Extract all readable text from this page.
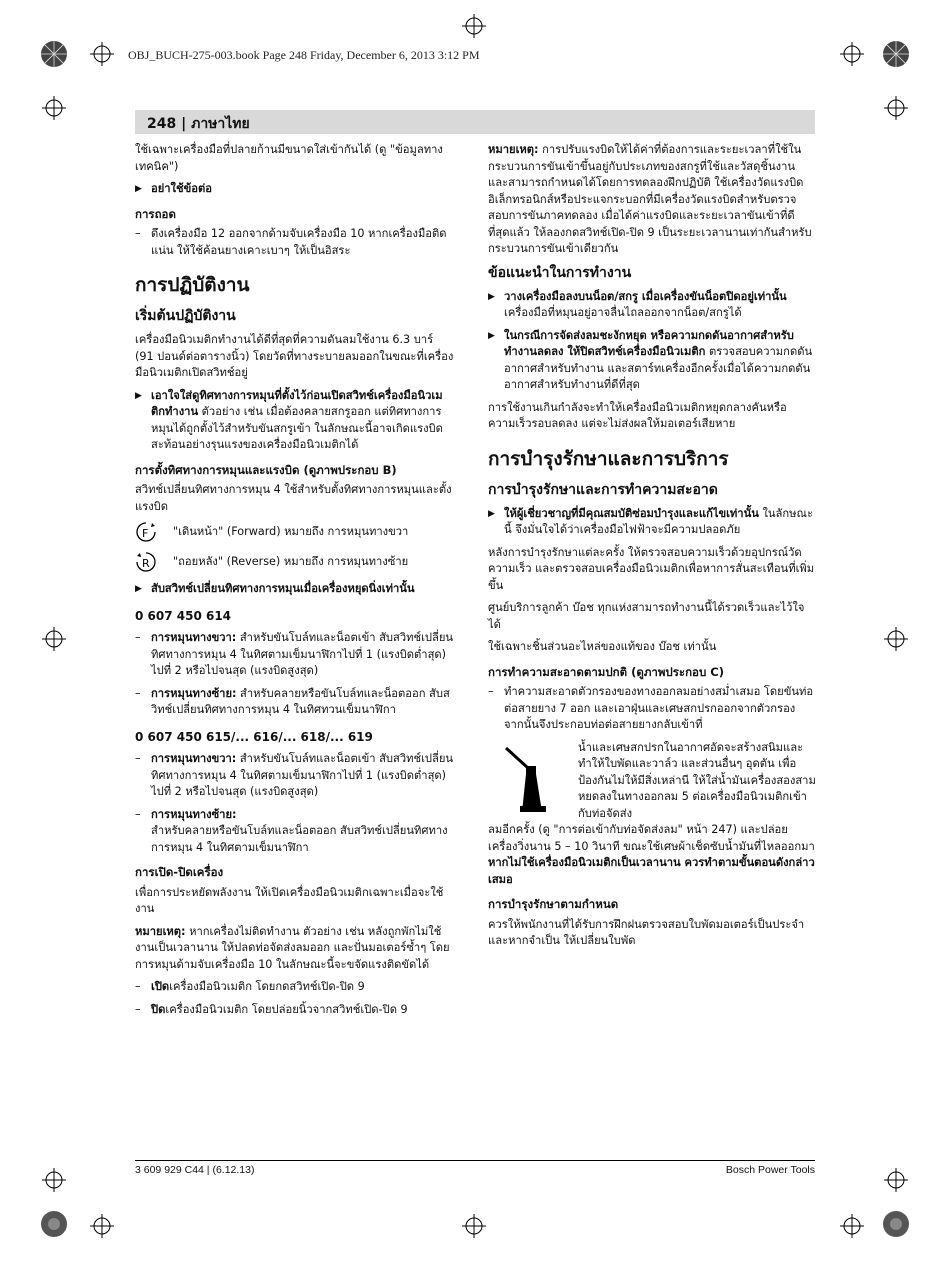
OBJ_BUCH-275-003.book Page 248 Friday, December 6, 2013 3:12 PM
248 | ภาษาไทย

ใช้เฉพาะเครื่องมือที่ปลายก้านมีขนาดใส่เข้ากันได้ (ดู "ข้อมูลทางเทคนิค")

▶ อย่าใช้ข้อต่อ

การถอด

– ดึงเครื่องมือ 12 ออกจากด้ามจับเครื่องมือ 10 หากเครื่องมือติดแน่น ให้ใช้ค้อนยางเคาะเบาๆ ให้เป็นอิสระ

การปฏิบัติงาน
เริ่มต้นปฏิบัติงาน

เครื่องมือนิวเมติกทำงานได้ดีที่สุดที่ความดันลมใช้งาน 6.3 บาร์ (91 ปอนด์ต่อตารางนิ้ว) โดยวัดที่ทางระบายลมออกในขณะที่เครื่องมือนิวเมติกเปิดสวิทช์อยู่

▶ เอาใจใส่ดูทิศทางการหมุนที่ตั้งไว้ก่อนเปิดสวิทช์เครื่องมือนิวเมติกทำงาน ตัวอย่าง เช่น เมื่อต้องคลายสกรูออก แต่ทิศทางการหมุนได้ถูกตั้งไว้สำหรับขันสกรูเข้า ในลักษณะนี้อาจเกิดแรงบิดสะท้อนอย่างรุนแรงของเครื่องมือนิวเมติกได้

การตั้งทิศทางการหมุนและแรงบิด (ดูภาพประกอบ B)

สวิทช์เปลี่ยนทิศทางการหมุน 4 ใช้สำหรับตั้งทิศทางการหมุนและตั้งแรงบิด

F "เดินหน้า" (Forward) หมายถึง การหมุนทางขวา
R "ถอยหลัง" (Reverse) หมายถึง การหมุนทางซ้าย

▶ สับสวิทช์เปลี่ยนทิศทางการหมุนเมื่อเครื่องหยุดนิ่งเท่านั้น

0 607 450 614

– การหมุนทางขวา: สำหรับขันโบล์ทและน็อตเข้า สับสวิทช์เปลี่ยนทิศทางการหมุน 4 ในทิศตามเข็มนาฬิกาไปที่ 1 (แรงบิดต่ำสุด) ไปที่ 2 หรือไปจนสุด (แรงบิดสูงสุด)

– การหมุนทางซ้าย: สำหรับคลายหรือขันโบล์ทและน็อตออก สับสวิทช์เปลี่ยนทิศทางการหมุน 4 ในทิศทวนเข็มนาฬิกา

0 607 450 615/... 616/... 618/... 619

– การหมุนทางขวา: สำหรับขันโบล์ทและน็อตเข้า สับสวิทช์เปลี่ยนทิศทางการหมุน 4 ในทิศตามเข็มนาฬิกาไปที่ 1 (แรงบิดต่ำสุด) ไปที่ 2 หรือไปจนสุด (แรงบิดสูงสุด)

– การหมุนทางซ้าย:
สำหรับคลายหรือขันโบล์ทและน็อตออก สับสวิทช์เปลี่ยนทิศทางการหมุน 4 ในทิศตามเข็มนาฬิกา

การเปิด-ปิดเครื่อง

เพื่อการประหยัดพลังงาน ให้เปิดเครื่องมือนิวเมติกเฉพาะเมื่อจะใช้งาน

หมายเหตุ: หากเครื่องไม่ติดทำงาน ตัวอย่าง เช่น หลังถูกพักไม่ใช้งานเป็นเวลานาน ให้ปลดท่อจัดส่งลมออก และปั่นมอเตอร์ซ้ำๆ โดยการหมุนด้ามจับเครื่องมือ 10 ในลักษณะนี้จะขจัดแรงติดขัดได้

– เปิดเครื่องมือนิวเมติก โดยกดสวิทช์เปิด-ปิด 9

– ปิดเครื่องมือนิวเมติก โดยปล่อยนิ้วจากสวิทช์เปิด-ปิด 9

หมายเหตุ: การปรับแรงบิดให้ได้ค่าที่ต้องการและระยะเวลาที่ใช้ในกระบวนการขันเข้าขึ้นอยู่กับประเภทของสกรูที่ใช้และวัสดุชิ้นงาน และสามารถกำหนดได้โดยการทดลองฝึกปฏิบัติ ใช้เครื่องวัดแรงบิดอิเล็กทรอนิกส์หรือประแจกระบอกที่มีเครื่องวัดแรงบิดสำหรับตรวจสอบการขันภาคทดลอง เมื่อได้ค่าแรงบิดและระยะเวลาขันเข้าที่ดีที่สุดแล้ว ให้ลองกดสวิทช์เปิด-ปิด 9 เป็นระยะเวลานานเท่ากันสำหรับกระบวนการขันเข้าเดียวกัน

ข้อแนะนำในการทำงาน

▶ วางเครื่องมือลงบนน็อต/สกรู เมื่อเครื่องขันน็อตปิดอยู่เท่านั้น เครื่องมือที่หมุนอยู่อาจลื่นไถลออกจากน็อต/สกรูได้

▶ ในกรณีการจัดส่งลมชะงักหยุด หรือความกดดันอากาศสำหรับทำงานลดลง ให้ปิดสวิทช์เครื่องมือนิวเมติก ตรวจสอบความกดดันอากาศสำหรับทำงาน และสตาร์ทเครื่องอีกครั้งเมื่อได้ความกดดันอากาศสำหรับทำงานที่ดีที่สุด

การใช้งานเกินกำลังจะทำให้เครื่องมือนิวเมติกหยุดกลางคันหรือความเร็วรอบลดลง แต่จะไม่ส่งผลให้มอเตอร์เสียหาย

การบำรุงรักษาและการบริการ
การบำรุงรักษาและการทำความสะอาด

▶ ให้ผู้เชี่ยวชาญที่มีคุณสมบัติซ่อมบำรุงและแก้ไขเท่านั้น ในลักษณะนี้ จึงมั่นใจได้ว่าเครื่องมือไฟฟ้าจะมีความปลอดภัย

หลังการบำรุงรักษาแต่ละครั้ง ให้ตรวจสอบความเร็วด้วยอุปกรณ์วัดความเร็ว และตรวจสอบเครื่องมือนิวเมติกเพื่อหาการสั่นสะเทือนที่เพิ่มขึ้น

ศูนย์บริการลูกค้า บ๊อช ทุกแห่งสามารถทำงานนี้ได้รวดเร็วและไว้ใจได้

ใช้เฉพาะชิ้นส่วนอะไหล่ของแท้ของ บ๊อช เท่านั้น

การทำความสะอาดตามปกติ (ดูภาพประกอบ C)

– ทำความสะอาดตัวกรองของทางออกลมอย่างสม่ำเสมอ โดยขันท่อต่อสายยาง 7 ออก และเอาฝุ่นและเศษสกปรกออกจากตัวกรอง จากนั้นจึงประกอบท่อต่อสายยางกลับเข้าที่

น้ำและเศษสกปรกในอากาศอัดจะสร้างสนิมและทำให้ใบพัดและวาล์ว และส่วนอื่นๆ อุดตัน เพื่อป้องกันไม่ให้มีสิ่งเหล่านี ให้ใส่น้ำมันเครื่องสองสามหยดลงในทางออกลม 5 ต่อเครื่องมือนิวเมติกเข้ากับท่อจัดส่ง

ลมอีกครั้ง (ดู "การต่อเข้ากับท่อจัดส่งลม" หน้า 247) และปล่อยเครื่องวิ่งนาน 5 – 10 วินาที ขณะใช้เศษผ้าเช็ดซับน้ำมันที่ไหลออกมา หากไม่ใช้เครื่องมือนิวเมติกเป็นเวลานาน ควรทำตามขั้นตอนดังกล่าวเสมอ

การบำรุงรักษาตามกำหนด

ควรให้พนักงานที่ได้รับการฝึกฝนตรวจสอบใบพัดมอเตอร์เป็นประจำ และหากจำเป็น ให้เปลี่ยนใบพัด

3 609 929 C44 | (6.12.13)	Bosch Power Tools
